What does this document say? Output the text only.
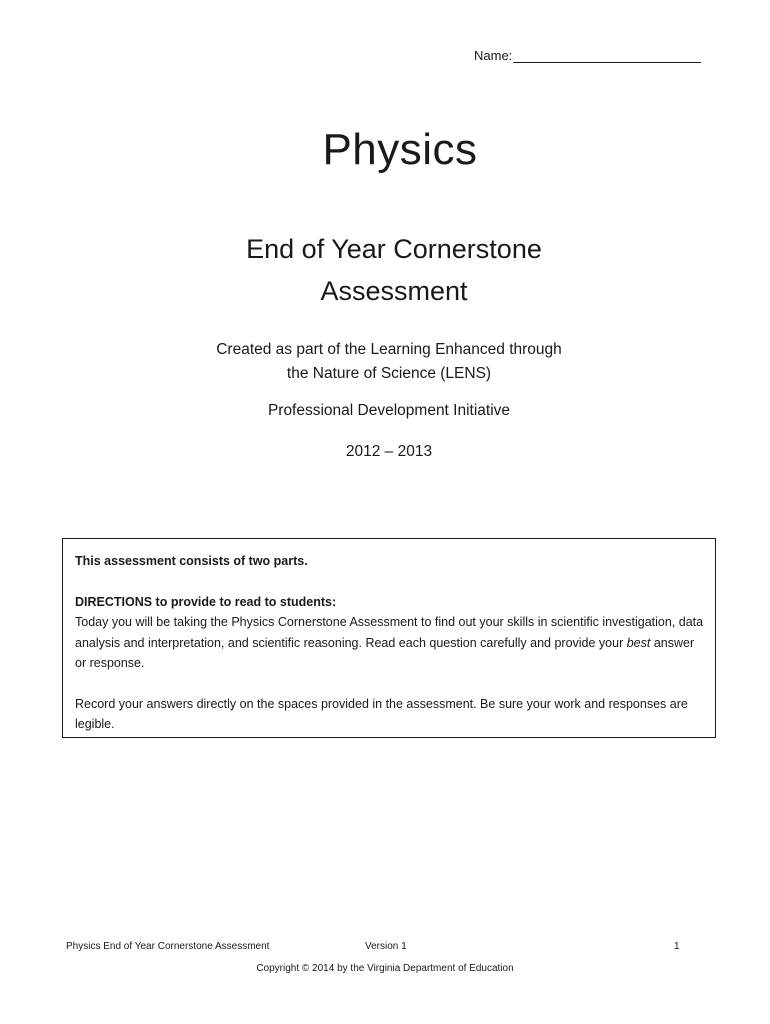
Name:
Physics
End of Year Cornerstone
Assessment
Created as part of the Learning Enhanced through
the Nature of Science (LENS)
Professional Development Initiative
2012 – 2013

This assessment consists of two parts.

DIRECTIONS to provide to read to students:

Today you will be taking the Physics Cornerstone Assessment to find out your skills in scientific investigation, data analysis and interpretation, and scientific reasoning. Read each question carefully and provide your best answer or response.

Record your answers directly on the spaces provided in the assessment. Be sure your work and responses are legible.

Physics End of Year Cornerstone Assessment	Version 1	1
Copyright © 2014 by the Virginia Department of Education
